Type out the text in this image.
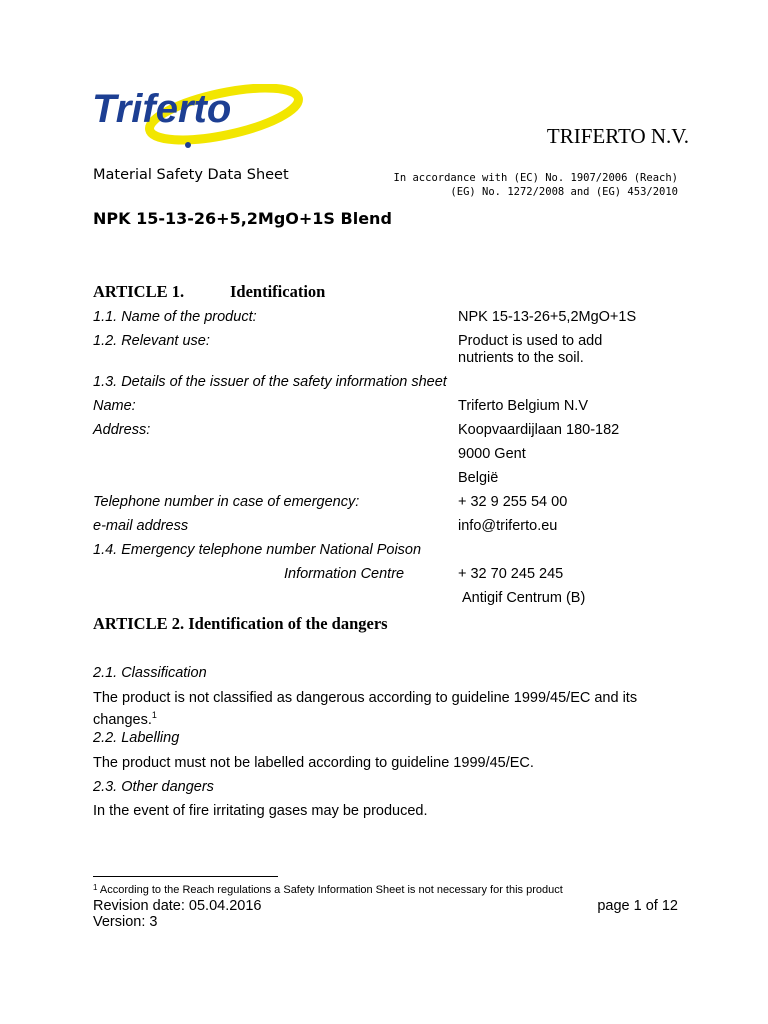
Triferto
TRIFERTO N.V.
Material Safety Data Sheet	In accordance with (EC) No. 1907/2006 (Reach)
(EG) No. 1272/2008 and (EG) 453/2010
NPK 15-13-26+5,2MgO+1S Blend
ARTICLE 1.	Identification
1.1. Name of the product:	NPK 15-13-26+5,2MgO+1S
1.2. Relevant use:	Product is used to add
nutrients to the soil.
1.3. Details of the issuer of the safety information sheet
Name:	Triferto Belgium N.V
Address:	Koopvaardijlaan 180-182
9000 Gent
België
Telephone number in case of emergency:	+ 32 9 255 54 00
e-mail address	info@triferto.eu
1.4. Emergency telephone number National Poison
Information Centre	+ 32 70 245 245
Antigif Centrum (B)
ARTICLE 2. Identification of the dangers
2.1. Classification
The product is not classified as dangerous according to guideline 1999/45/EC and its
changes.$^1$
2.2. Labelling
The product must not be labelled according to guideline 1999/45/EC.
2.3. Other dangers
In the event of fire irritating gases may be produced.
$^1$ According to the Reach regulations a Safety Information Sheet is not necessary for this product
Revision date: 05.04.2016	page 1 of 12
Version: 3
